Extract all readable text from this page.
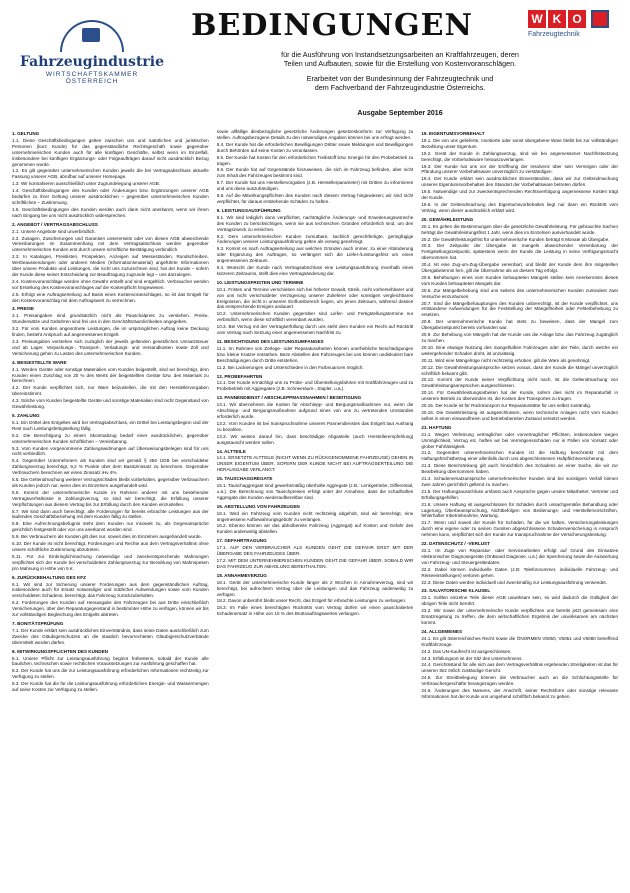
Fahrzeugindustrie
WIRTSCHAFTSKAMMER
ÖSTERREICH
BEDINGUNGEN	W K O
Fahrzeugtechnik
für die Ausführung von Instandsetzungsarbeiten an Kraftfahrzeugen, deren
Teilen und Aufbauten, sowie für die Erstellung von Kostenvoranschlägen.
Erarbeitet von der Bundesinnung der Fahrzeugtechnik und
dem Fachverband der Fahrzeugindustrie Österreichs.
Ausgabe September 2016
1. GELTUNG
1.1. Diese Geschäftsbedingungen gelten zwischen uns und natürlichen und juristischen Personen (kurz Kunde) für das gegenständliche Rechtsgeschäft sowie gegenüber unternehmerischen Kunden auch für alle künftigen Geschäfte, selbst wenn im Einzelfall, insbesondere bei künftigen Ergänzungs- oder Folgeaufträgen darauf nicht ausdrücklich Bezug genommen wurde.
1.2. Es gilt gegenüber unternehmerischen Kunden jeweils die bei Vertragsabschluss aktuelle Fassung unserer AGB, abrufbar auf unserer Homepage.
1.3. Wir kontrahieren ausschließlich unter Zugrundelegung unserer AGB.
1.4. Geschäftsbedingungen des Kunden oder Änderungen bzw. Ergänzungen unserer AGB bedürfen zu ihrer Geltung unserer ausdrücklichen – gegenüber unternehmerischen Kunden schriftlichen – Zustimmung.
1.5. Geschäftsbedingungen des Kunden werden auch dann nicht anerkannt, wenn wir ihnen nach Eingang bei uns nicht ausdrücklich widersprechen.
2. ANGEBOT / VERTRAGSABSCHLUSS
2.1. Unsere Angebote sind unverbindlich.
2.2. Zusagen, Zusicherungen und Garantien unsererseits oder von diesen AGB abweichende Vereinbarungen im Zusammenhang mit dem Vertragsabschluss werden gegenüber unternehmerischen Kunden erst durch unsere schriftliche Bestätigung verbindlich.
2.3. In Katalogen, Preislisten, Prospekten, Anzeigen auf Messeständen, Rundschreiben, Werbeaussendungen oder anderen Medien (Informationsmaterial) angeführte Informationen über unsere Produkte und Leistungen, die nicht uns zuzurechnen sind, hat der Kunde – sofern der Kunde diese seiner Entscheidung zur Beauftragung zugrunde legt – uns darzulegen.
2.4. Kostenvoranschläge werden ohne Gewähr erstellt und sind entgeltlich. Verbraucher werden vor Erstellung des Kostenvoranschlages auf die Kostenpflicht hingewiesen.
2.5. Erfolgt eine Auftragserteilung auf Basis eines Kostenvoranschlages, so ist das Entgelt für den Kostenvoranschlag mit dem Auftragswert zu verrechnen.
3. PREISE
3.1. Preisangaben sind grundsätzlich nicht als Pauschalpreis zu verstehen. Preise, Stundensätze und Gebühren sind frei uns in den Geschäftsräumlichkeiten angegeben.
3.2. Für vom Kunden angeordnete Leistungen, die im ursprünglichen Auftrag keine Deckung finden, besteht Anspruch auf angemessenes Entgelt.
3.3. Preisangaben verstehen sich zuzüglich der jeweils geltenden gesetzlichen Umsatzsteuer und ab Lager. Verpackungs-, Transport-, Verladungs- und Versandkosten sowie Zoll und Versicherung gehen zu Lasten des unternehmerischen Kunden.
4. BEIGESTELLTE WARE
4.1. Werden Geräte oder sonstige Materialien vom Kunden beigestellt, sind wir berechtigt, dem Kunden einen Zuschlag von 20 % des Werts der beigestellten Geräte bzw. des Materials zu berechnen.
4.2. Der Kunde verpflichtet sich, nur Ware beizustellen, die mit den Herstellervorgaben übereinstimmt.
4.3. Solche vom Kunden beigestellte Geräte und sonstige Materialien sind nicht Gegenstand von Gewährleistung.
5. ZAHLUNG
5.1. Ein Drittel des Entgeltes wird bei Vertragsabschluss, ein Drittel bei Leistungsbeginn und der Rest nach Leistungsfertigstellung fällig.
5.2. Die Berechtigung zu einem Skontoabzug bedarf einer ausdrücklichen, gegenüber unternehmerischen Kunden schriftlichen – Vereinbarung.
5.3. Vom Kunden vorgenommene Zahlungswidmungen auf Überweisungsbelegen sind für uns nicht verbindlich.
5.4. Gegenüber Unternehmern als Kunden sind wir gemäß § 456 UGB bei verschuldeter Zahlungsverzug berechtigt, 9,2 % Punkte über dem Basiszinssatz zu berechnen. Gegenüber Verbrauchern berechnen wir einen Zinssatz iHv 4%.
5.5. Die Geltendmachung weiterer Verzugsschäden bleibt vorbehalten, gegenüber Verbrauchern als Kunden jedoch nur, wenn dies im Einzelnen ausgehandelt wird.
5.6. Kommt der unternehmerische Kunde im Rahmen anderer mit uns bestehender Vertragsverhältnisse in Zahlungsverzug, so sind wir berechtigt, die Erfüllung unserer Verpflichtungen aus diesem Vertrag bis zur Erfüllung durch den Kunden einzustellen.
5.7. Wir sind dann auch berechtigt, alle Forderungen für bereits erbrachte Leistungen aus der laufenden Geschäftsbeziehung mit dem Kunden fällig zu stellen.
5.8. Eine Aufrechnungsbefugnis steht dem Kunden nur insoweit zu, als Gegenansprüche gerichtlich festgestellt oder von uns anerkannt worden sind.
5.9. Bei Verbrauchern als Kunden gilt dies nur, soweit dies im Einzelnen ausgehandelt wurde.
5.10. Der Kunde ist nicht berechtigt, Forderungen und Rechte aus dem Vertragsverhältnis ohne unsere schriftliche Zustimmung abzutreten.
5.11. Für zur Einbringlichmachung notwendige und zweckentsprechende Mahnungen verpflichtet sich der Kunde bei verschuldetem Zahlungsverzug zur Bezahlung von Mahnspesen pro Mahnung in Höhe von 5 €.
6. ZURÜCKBEHALTUNG DES KFZ
6.1. Wir sind zur Sicherung unserer Forderungen aus dem gegenständlichen Auftrag, insbesondere auch für Ersatz notwendiger und nützlicher Aufwendungen sowie vom Kunden verschuldeten Schadens, berechtigt, das Fahrzeug zurückzubehalten.
6.2. Forderungen des Kunden auf Herausgabe des Fahrzeuges bei aus Dritte einschließlich Versicherungen, über den Reparaturgegenstand in bestimmter Höhe zu verfügen, können wir bis zur vollständigen Begleichung des Entgelts abtreten.
7. BONITÄTSPRÜFUNG
7.1. Der Kunde erklärt sein ausdrückliches Einverständnis, dass seine Daten ausschließlich zum Zwecke des Gläubigerschutzes an die staatlich bevorrechteten Gläubigerschutzverbände übermittelt werden dürfen.
8. MITWIRKUNGSPFLICHTEN DES KUNDEN
8.1. Unsere Pflicht zur Leistungsausführung beginnt frühestens, sobald der Kunde alle baulichen, technischen sowie rechtlichen Voraussetzungen zur Ausführung geschaffen hat.
8.2. Der Kunde hat uns die zur Leistungsausführung erforderlichen Informationen rechtzeitig zur Verfügung zu stellen.
8.3. Der Kunde hat die für die Leistungsausführung erforderlichen Energie- und Wassermengen auf seine Kosten zur Verfügung zu stellen.
sowie allfällige diesbezügliche gesetzliche Änderungen gesetzeskonform zur Verfügung zu stellen. Auftragsbezogene Details zu den notwendigen Angaben können bei uns erfragt werden.
8.4. Der Kunde hat die erforderlichen Bewilligungen Dritter sowie Meldungen und Bewilligungen durch Behörden auf seine Kosten zu veranlassen.
8.5. Der Kunde hat Kosten für den erforderlichen Treibstoff bzw. Energie für den Probebetrieb zu tragen.
8.6. Der Kunde hat auf Gegenstände hinzuweisen, die sich im Fahrzeug befinden, aber nicht zum Inhalt des Fahrzeuges bestimmt sind.
8.7. Der Kunde hat uns Herstellervorgaben (z.B. Herstellerparameter) mit Dritten zu informieren und uns diese auszuhändigen.
8.8. Auf die Mitwirkungspflichten des Kunden nach diesem Vertrag hingewiesen; wir sind nicht verpflichtet, für daraus entstehende Schäden zu haften.
9. LEISTUNGSAUSFÜHRUNG
9.1. Wir sind lediglich dann verpflichtet, nachträgliche Änderungs- und Erweiterungswünsche des Kunden zu berücksichtigen, wenn sie aus technischen Gründen erforderlich sind, um den Vertragszweck zu erreichen.
9.2. Dem unternehmerischen Kunden zumutbare, sachlich gerechtfertigte, geringfügige Änderungen unserer Leistungsausführung gelten als vorweg genehmigt.
9.3. Kommt es nach Auftragserteilung aus welchen Gründen auch immer, zu einer Abänderung oder Ergänzung des Auftrages, so verlängert sich die Liefer-/Leistungsfrist um einen angemessenen Zeitraum.
9.4. Wünscht der Kunde nach Vertragsabschluss eine Leistungsausführung innerhalb eines kürzeren Zeitraums, stellt dies eine Vertragsänderung dar.
10. LEISTUNGSFRISTEN UND TERMINE
10.1. Fristen und Termine verschieben sich bei höherer Gewalt, Streik, nicht vorhersehbarer und von uns nicht verschuldeter Verzögerung unserer Zulieferer oder sonstigen vergleichbaren Ereignissen, die nicht in unserem Einflussbereich liegen, um jenen Zeitraum, während dessen das entsprechende Ereignis andauert.
10.2. Unternehmerischen Kunden gegenüber sind Liefer- und Fertigstellungstermine nur verbindlich, wenn diese schriftlich vereinbart wurden.
10.3. Bei Verzug mit der Vertragserfüllung durch uns steht dem Kunden ein Recht auf Rücktritt vom Vertrag nach Setzung einer angemessenen Nachfrist zu.
11. BESICHTIGUNG DES LEISTUNGSUMFANGES
11.1. Im Rahmen von Zerlege- oder Reparaturarbeiten können unerhebliche Beschädigungen bzw. kleine Kratzer entstehen. Beim Abstellen des Fahrzeuges bei uns können undiskutiert bare Beschädigungen durch Dritte entstehen.
11.2. Bei Lackierungen und Unterschieden in den Farbnuancen möglich.
12. PROBEFAHRTEN
12.1. Der Kunde ermächtigt uns zu Probe- und Überstellungsfahrten mit Kraftfahrzeugen und zu Probebetrieb mit Aggregaten (z.B. Schneeräum-, Stapler, u.ä.).
13. PANNENDIENST / ABSCHLEPPMASSNAHMEN / BESEITIGUNG
13.1. Wir übernehmen die Kosten für Abschlepp- und Bergungsmaßnahmen nur, wenn die Abschlepp- und Bergungsmaßnahme aufgrund eines von uns zu vertretenden Umstandes erforderlich wurde.
13.2. Vom Kunden ist bei Inanspruchnahme unseres Pannendienstes das Entgelt laut Aushang zu bezahlen.
13.3. Wir weisen darauf hin, dass beschädigte Abgasteile (auch Herstellerempfehlung) ausgetauscht werden sollen.
14. ALTTEILE
14.1. ERSETZTE ALTTEILE (NICHT WENN ZU RÜCKGENOMMENE FAHRZEUGE) GEHEN IN UNSER EIGENTUM ÜBER, SOFERN DER KUNDE NICHT BEI AUFTRAGSERTEILUNG DIE HERAUSGABE VERLANGT.
15. TAUSCHAGGREGATE
15.1. Tauschaggregate sind gewerbsmäßig überholte Aggregate (z.B.: Lenkgetriebe, Differential, u.ä.). Die Berechnung von Tauschpreisen erfolgt unter der Annahme, dass die schadhaften Aggregate des Kunden wiederaufbereitbar sind.
16. ABSTELLUNG VON FAHRZEUGEN
16.1. Wird ein Fahrzeug vom Kunden nicht rechtzeitig abgeholt, sind wir berechtigt, eine angemessene Aufbewahrungsgebühr zu verlangen.
16.2. Ebenso können wir das abholbereite Fahrzeug (Aggregat) auf Kosten und Gefahr des Kunden anderweitig abstellen.
17. GEFAHRTRAGUNG
17.1. AUF DEN VERBRAUCHER ALS KUNDEN GEHT DIE GEFAHR ERST MIT DER ÜBERGABE DES FAHRZEUGES ÜBER.
17.2. MIT DEM UNTERNEHMERISCHEN KUNDEN GEHT DIE GEFAHR ÜBER, SOBALD WIR DAS FAHRZEUG ZUR ABHOLUNG BEREITHALTEN.
18. ANNAHMEVERZUG
18.1. Gerät der unternehmerische Kunde länger als 2 Wochen in Annahmeverzug, sind wir berechtigt, bei aufrechtem Vertrag über die Leistungen und das Fahrzeug anderweitig zu verfügen.
18.2. Davon unberührt bleibt unser Recht, das Entgelt für erbrachte Leistungen zu verlangen.
18.3. Im Falle eines berechtigten Rücktritts vom Vertrag dürfen wir einen pauschalierten Schadenersatz in Höhe von 15 % des Bruttoauftragswertes verlangen.
19. EIGENTUMSVORBEHALT
19.1. Die von uns gelieferte, montierte oder sonst übergebene Ware bleibt bis zur vollständigen Bezahlung unser Eigentum.
19.2. Gerät der Kunde in Zahlungsverzug, sind wir bei angemessener Nachfristsetzung berechtigt, die Vorbehaltsware herauszuverlangen.
19.3. Der Kunde hat uns vor der Eröffnung der Insolvenz über sein Vermögen oder der Pfändung unserer Vorbehaltsware unverzüglich zu verständigen.
19.4. Der Kunde erklärt sein ausdrückliches Einverständnis, dass wir zur Geltendmachung unseres Eigentumsvorbehaltes den Standort der Vorbehaltsware betreten dürfen.
19.5. Notwendige und zur zweckentsprechenden Rechtsverfolgung angemessene Kosten trägt der Kunde.
19.6. In der Geltendmachung des Eigentumsvorbehaltes liegt nur dann ein Rücktritt vom Vertrag, wenn dieser ausdrücklich erklärt wird.
20. GEWÄHRLEISTUNG
20.1. Es gelten die Bestimmungen über die gesetzliche Gewährleistung. Für gebrauchte Sachen beträgt die Gewährleistungsfrist 1 Jahr, wenn dies im Einzelnen ausverhandelt wurde.
20.2. Die Gewährleistungsfrist für unternehmerische Kunden beträgt 6 Monate ab Übergabe.
20.3. Der Zeitpunkt der Übergabe ist mangels abweichender Vereinbarung der Fertigstellungszeitpunkt, spätestens wenn der Kunde die Leistung in seine Verfügungsmacht übernommen hat.
20.4. Ist eine Zug-um-Zug-Übergabe vereinbart, und bleibt der Kunde dem ihm mitgeteilten Übergabetermin fern, gilt die Übernahme als an diesem Tag erfolgt.
20.5. Behebungen eines vom Kunden behaupteten Mangels stellen kein Anerkenntnis dieses vom Kunden behaupteten Mangels dar.
20.6. Zur Mängelbehebung sind uns seitens des unternehmerischen Kunden zumindest zwei Versuche einzuräumen.
20.7. Sind die Mängelbehauptungen des Kunden unberechtigt, ist der Kunde verpflichtet, uns entstandene Aufwendungen für die Feststellung der Mängelfreiheit oder Fehlerbehebung zu ersetzen.
20.8. Der unternehmerische Kunde hat stets zu beweisen, dass der Mangel zum Übergabezeitpunkt bereits vorhanden war.
20.9. Zur Behebung von Mängeln hat der Kunde uns die Anlage bzw. das Fahrzeug zugänglich zu machen.
20.10. Eine etwaige Nutzung des mangelhaften Fahrzeuges oder der Teile, durch welche ein weitergehender Schaden droht, ist unzulässig.
20.11. Wird eine Mängelrüge nicht rechtzeitig erhoben, gilt die Ware als genehmigt.
20.12. Die Gewährleistungsansprüche setzen voraus, dass der Kunde die Mängel unverzüglich schriftlich bekannt gibt.
20.13. Kommt der Kunde seiner Verpflichtung nicht nach, ist die Geltendmachung von Gewährleistungsansprüchen ausgeschlossen.
20.14. Für Gewährleistungsarbeiten hat der Kunde, sofern dies nicht im Reparaturfall in unserem Betrieb zu überwinden ist, die Kosten des Transportes zu tragen.
20.15. Der Kunde ist für Rücktransport zur Reparaturstätte für uns selbst zuständig.
20.16. Die Gewährleistung ist ausgeschlossen, wenn technische Anlagen nicht vom Kunden selbst in einen einwandfreien und betriebsbereiten Zustand versetzt werden.
21. HAFTUNG
21.1. Wegen Verletzung vertraglicher oder vorvertraglicher Pflichten, insbesondere wegen Unmöglichkeit, Verzug etc. haften wir bei Vermögensschäden nur in Fällen von Vorsatz oder grober Fahrlässigkeit.
21.2. Gegenüber unternehmerischen Kunden ist die Haftung beschränkt mit dem Haftungshöchstbetrag einer allenfalls durch uns abgeschlossenen Haftpflichtversicherung.
21.3. Diese Beschränkung gilt auch hinsichtlich des Schadens an einer Sache, die wir zur Bearbeitung übernommen haben.
21.4. Schadenersatzansprüche unternehmerischer Kunden sind bei sonstigem Verfall binnen zwei Jahren gerichtlich geltend zu machen.
21.5. Der Haftungsausschluss umfasst auch Ansprüche gegen unsere Mitarbeiter, Vertreter und Erfüllungsgehilfen.
21.6. Unsere Haftung ist ausgeschlossen für Schäden durch unsachgemäße Behandlung oder Lagerung, Überbeanspruchung, Nichtbefolgen von Bedienungs- und Herstellervorschriften, fehlerhafter Inbetriebnahme, Wartung.
21.7. Wenn und soweit der Kunde für Schäden, für die wir haften, Versicherungsleistungen durch eine eigene oder zu seinen Gunsten abgeschlossene Schadenversicherung in Anspruch nehmen kann, verpflichtet sich der Kunde zur Inanspruchnahme der Versicherungsleistung.
22. DATENSCHUTZ / -VERLUST
22.1. Im Zuge von Reparatur- oder Servicearbeiten erfolgt auf Grund des Einsatzes elektronischer Diagnosegeräte (OnBoard Diagnose, u.ä.) die Speicherung sowie die Auswertung von Fahrzeug- und Steuergerätedaten.
22.2. Dabei können individuelle Daten (z.B: Telefonnummer, individuelle Fahrzeug- und Reiseeinstellungen) verloren gehen.
22.3. Diese Daten werden individuell und zweckmäßig zur Leistungsausführung verwendet.
23. SALVATORISCHE KLAUSEL
23.1. Sollten einzelne Teile dieser AGB unwirksam sein, so wird dadurch die Gültigkeit der übrigen Teile nicht berührt.
23.2. Wir sowie der unternehmerische Kunde verpflichten uns bereits jetzt gemeinsam eine Ersatzregelung zu treffen, die dem wirtschaftlichen Ergebnis der unwirksamen am nächsten kommt.
24. ALLGEMEINES
24.1. Es gilt österreichisches Recht sowie die ÖNORMEN V5050, V5051 und V5080 betreffend Kraftfahrzeuge.
24.2. Das UN-Kaufrecht ist ausgeschlossen.
24.3. Erfüllungsort ist der Sitz des Unternehmens.
24.4. Gerichtsstand für alle sich aus dem Vertragsverhältnis ergebenden Streitigkeiten ist das für unseren Sitz örtlich zuständige Gericht.
24.5. Zur Streitbeilegung können die Verbraucher auch an die Schlichtungsstelle für Verbrauchergeschäfte herangezogen werden.
24.6. Änderungen des Namens, der Anschrift, seiner Rechtsform oder sonstige relevante Informationen hat der Kunde uns umgehend schriftlich bekannt zu geben.
